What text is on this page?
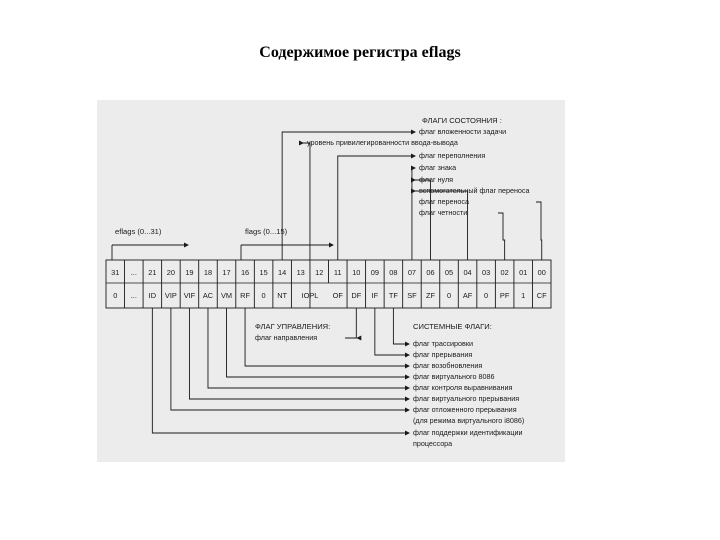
Содержимое регистра eflags
eflags (0...31)	flags (0...15)
ФЛАГИ СОСТОЯНИЯ :
флаг вложенности задачи
уровень привилегированности ввода-вывода
флаг переполнения
флаг знака
флаг нуля
вспомогательный флаг переноса
флаг переноса
флаг четности
31
0
...
...
21
ID
20
VIP
19
VIF
18
AC
17
VM
16
RF
15
0
14
NT
13
IOPL
12 11
OF
10
DF
09
IF
08
TF
07
SF
06
ZF
05
0
04
AF
03
0
02
PF
01
1
00
CF
ФЛАГ УПРАВЛЕНИЯ:
флаг направления
СИСТЕМНЫЕ ФЛАГИ:
флаг трассировки
флаг прерывания
флаг возобновления
флаг виртуального 8086
флаг контроля выравнивания
флаг виртуального прерывания
флаг отложенного прерывания
(для режима виртуального i8086)
флаг поддержки идентификации
процессора
